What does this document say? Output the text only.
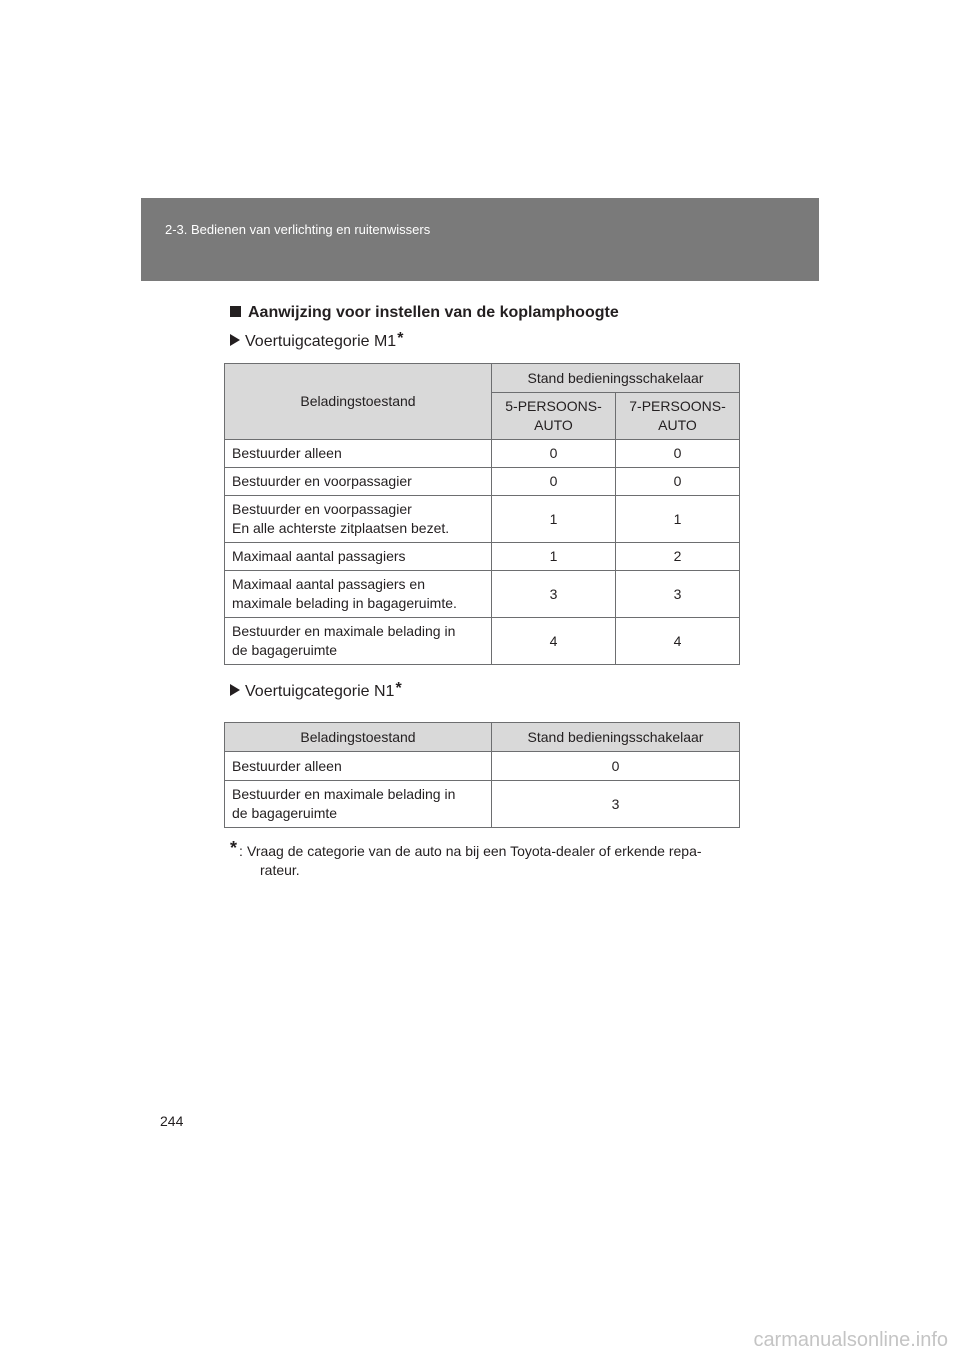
2-3. Bedienen van verlichting en ruitenwissers
Aanwijzing voor instellen van de koplamphoogte
Voertuigcategorie M1*
Beladingstoestand	Stand bedieningsschakelaar	
	5-PERSOONS-AUTO	7-PERSOONS-AUTO
Bestuurder alleen	0	0
Bestuurder en voorpassagier	0	0
Bestuurder en voorpassagier
En alle achterste zitplaatsen bezet.	1	1
Maximaal aantal passagiers	1	2
Maximaal aantal passagiers en
maximale belading in bagageruimte.	3	3
Bestuurder en maximale belading in
de bagageruimte	4	4
Voertuigcategorie N1*
Beladingstoestand	Stand bedieningsschakelaar
Bestuurder alleen	0
Bestuurder en maximale belading in
de bagageruimte	3
* : Vraag de categorie van de auto na bij een Toyota-dealer of erkende repa-
rateur.
244
carmanualsonline.info
